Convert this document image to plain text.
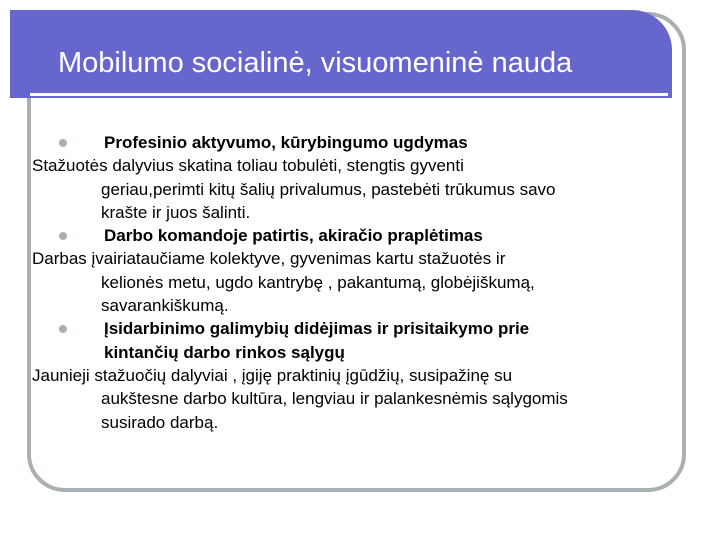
Mobilumo socialinė, visuomeninė nauda
Profesinio aktyvumo, kūrybingumo ugdymas
Stažuotės dalyvius skatina toliau tobulėti, stengtis gyventi
geriau,perimti kitų šalių privalumus, pastebėti trūkumus savo
krašte ir juos šalinti.
Darbo komandoje patirtis, akiračio praplėtimas
Darbas įvairiataučiame kolektyve, gyvenimas kartu stažuotės ir
kelionės metu, ugdo kantrybę , pakantumą, globėjiškumą,
savarankiškumą.
Įsidarbinimo galimybių didėjimas ir prisitaikymo prie
kintančių darbo rinkos sąlygų
Jaunieji stažuočių dalyviai , įgiję praktinių įgūdžių, susipažinę su
aukštesne darbo kultūra, lengviau ir palankesnėmis sąlygomis
susirado darbą.
